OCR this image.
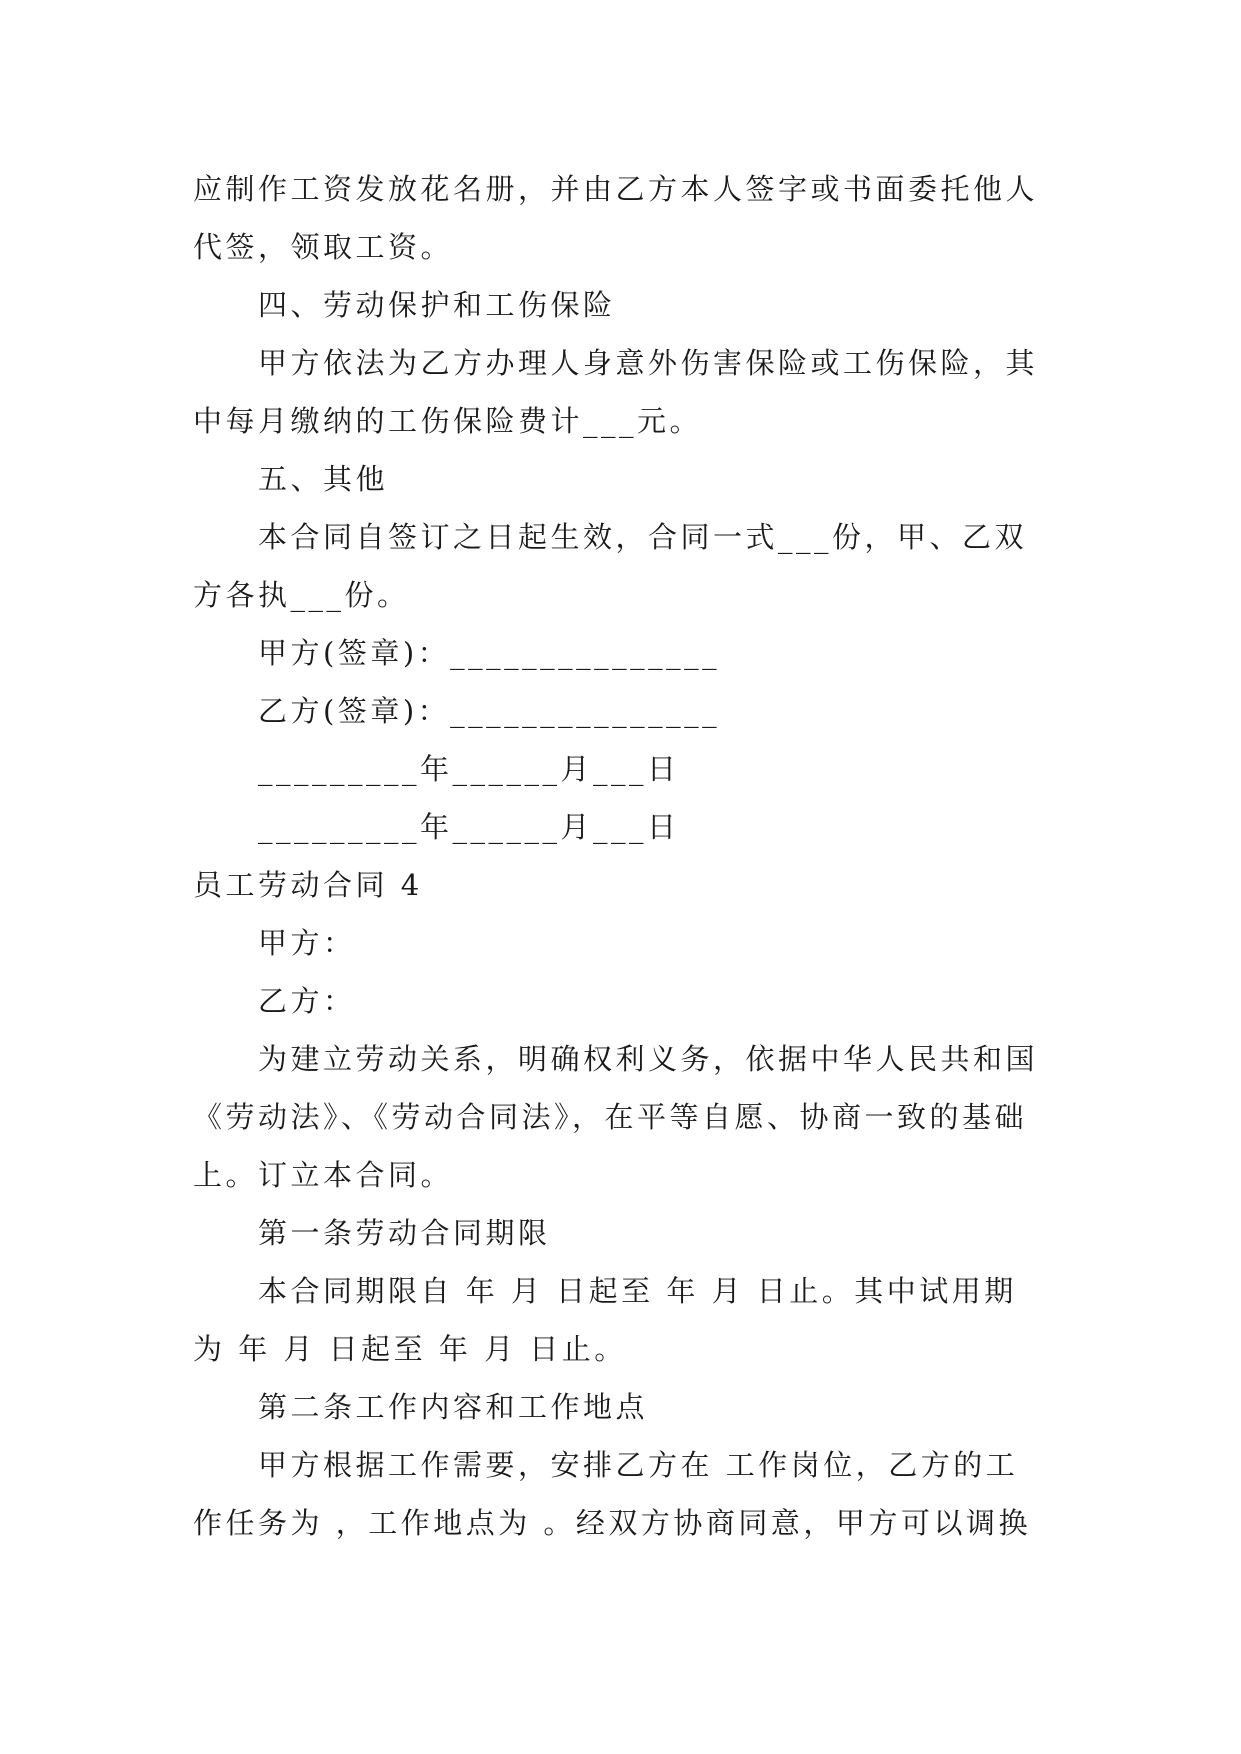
应制作工资发放花名册，并由乙方本人签字或书面委托他人

代签，领取工资。

四、劳动保护和工伤保险

甲方依法为乙方办理人身意外伤害保险或工伤保险，其

中每月缴纳的工伤保险费计___元。

五、其他

本合同自签订之日起生效，合同一式___份，甲、乙双

方各执___份。

甲方(签章)：_______________

乙方(签章)：_______________

_________年______月___日

_________年______月___日

员工劳动合同 4

甲方：

乙方：

为建立劳动关系，明确权利义务，依据中华人民共和国

《劳动法》、《劳动合同法》，在平等自愿、协商一致的基础

上。订立本合同。

第一条劳动合同期限

本合同期限自 年 月 日起至 年 月 日止。其中试用期

为 年 月 日起至 年 月 日止。

第二条工作内容和工作地点

甲方根据工作需要，安排乙方在 工作岗位，乙方的工

作任务为 ，工作地点为 。经双方协商同意，甲方可以调换
